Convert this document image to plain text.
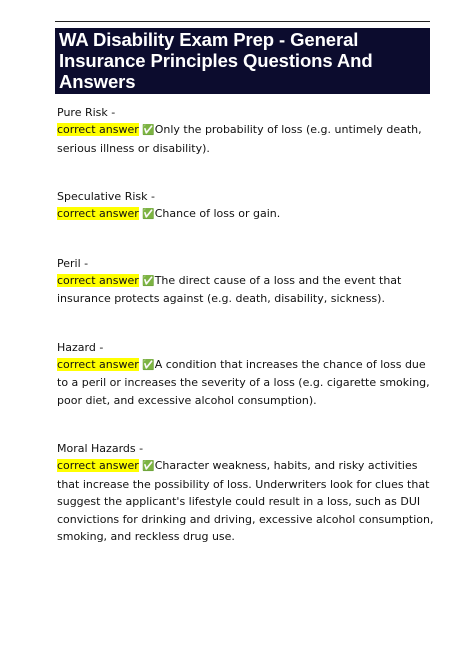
WA Disability Exam Prep - General Insurance Principles Questions And Answers
Pure Risk -
correct answer ✅Only the probability of loss (e.g. untimely death, serious illness or disability).
Speculative Risk -
correct answer ✅Chance of loss or gain.
Peril -
correct answer ✅The direct cause of a loss and the event that insurance protects against (e.g. death, disability, sickness).
Hazard -
correct answer ✅A condition that increases the chance of loss due to a peril or increases the severity of a loss (e.g. cigarette smoking, poor diet, and excessive alcohol consumption).
Moral Hazards -
correct answer ✅Character weakness, habits, and risky activities that increase the possibility of loss. Underwriters look for clues that suggest the applicant's lifestyle could result in a loss, such as DUI convictions for drinking and driving, excessive alcohol consumption, smoking, and reckless drug use.
